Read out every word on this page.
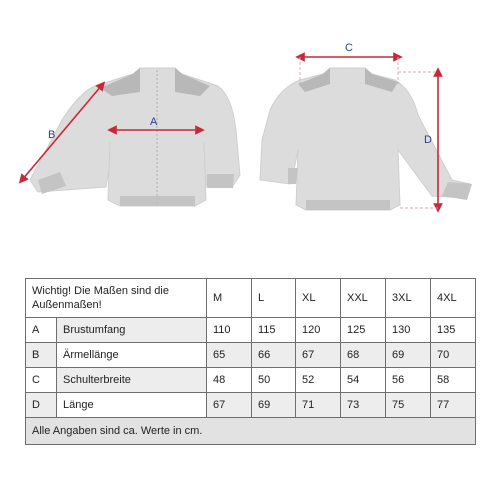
A
B
C
D
Wichtig! Die Maßen sind die Außenmaßen!		M	L	XL	XXL	3XL	4XL
A	Brustumfang	110	115	120	125	130	135
B	Ärmellänge	65	66	67	68	69	70
C	Schulterbreite	48	50	52	54	56	58
D	Länge	67	69	71	73	75	77
Alle Angaben sind ca. Werte in cm.							
